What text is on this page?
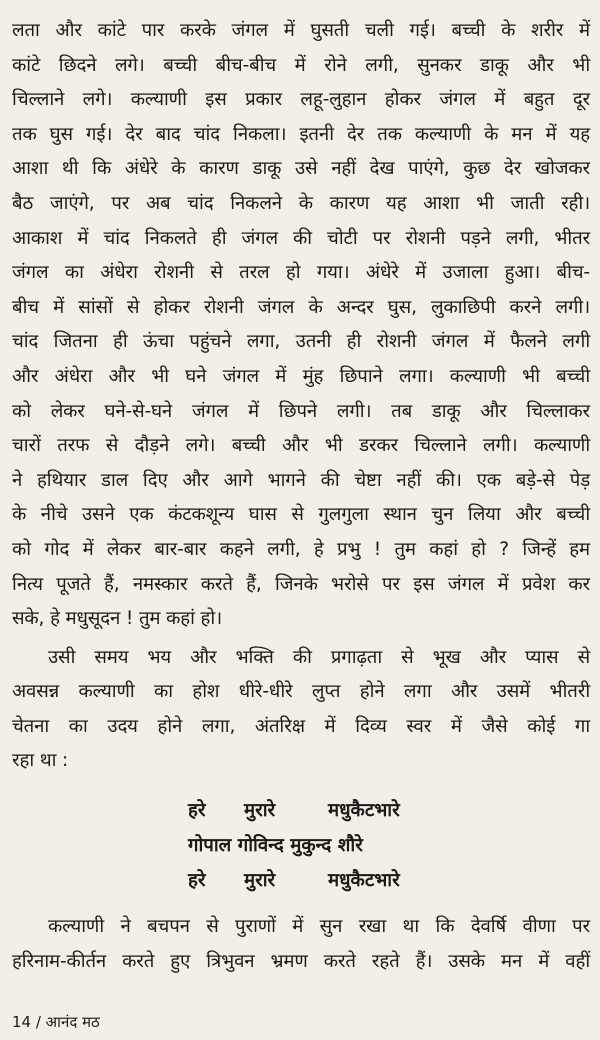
लता और कांटे पार करके जंगल में घुसती चली गई। बच्ची के शरीर में
कांटे छिदने लगे। बच्ची बीच-बीच में रोने लगी, सुनकर डाकू और भी
चिल्लाने लगे। कल्याणी इस प्रकार लहू-लुहान होकर जंगल में बहुत दूर
तक घुस गई। देर बाद चांद निकला। इतनी देर तक कल्याणी के मन में यह
आशा थी कि अंधेरे के कारण डाकू उसे नहीं देख पाएंगे, कुछ देर खोजकर
बैठ जाएंगे, पर अब चांद निकलने के कारण यह आशा भी जाती रही।
आकाश में चांद निकलते ही जंगल की चोटी पर रोशनी पड़ने लगी, भीतर
जंगल का अंधेरा रोशनी से तरल हो गया। अंधेरे में उजाला हुआ। बीच-
बीच में सांसों से होकर रोशनी जंगल के अन्दर घुस, लुकाछिपी करने लगी।
चांद जितना ही ऊंचा पहुंचने लगा, उतनी ही रोशनी जंगल में फैलने लगी
और अंधेरा और भी घने जंगल में मुंह छिपाने लगा। कल्याणी भी बच्ची
को लेकर घने-से-घने जंगल में छिपने लगी। तब डाकू और चिल्लाकर
चारों तरफ से दौड़ने लगे। बच्ची और भी डरकर चिल्लाने लगी। कल्याणी
ने हथियार डाल दिए और आगे भागने की चेष्टा नहीं की। एक बड़े-से पेड़
के नीचे उसने एक कंटकशून्य घास से गुलगुला स्थान चुन लिया और बच्ची
को गोद में लेकर बार-बार कहने लगी, हे प्रभु ! तुम कहां हो ? जिन्हें हम
नित्य पूजते हैं, नमस्कार करते हैं, जिनके भरोसे पर इस जंगल में प्रवेश कर
सके, हे मधुसूदन ! तुम कहां हो।
उसी समय भय और भक्ति की प्रगाढ़ता से भूख और प्यास से
अवसन्न कल्याणी का होश धीरे-धीरे लुप्त होने लगा और उसमें भीतरी
चेतना का उदय होने लगा, अंतरिक्ष में दिव्य स्वर में जैसे कोई गा
रहा था :
हरे मुरारे	मधुकैटभारे
गोपाल गोविन्द मुकुन्द शौरे
हरे मुरारे	मधुकैटभारे
कल्याणी ने बचपन से पुराणों में सुन रखा था कि देवर्षि वीणा पर
हरिनाम-कीर्तन करते हुए त्रिभुवन भ्रमण करते रहते हैं। उसके मन में वहीं
14 / आनंद मठ
